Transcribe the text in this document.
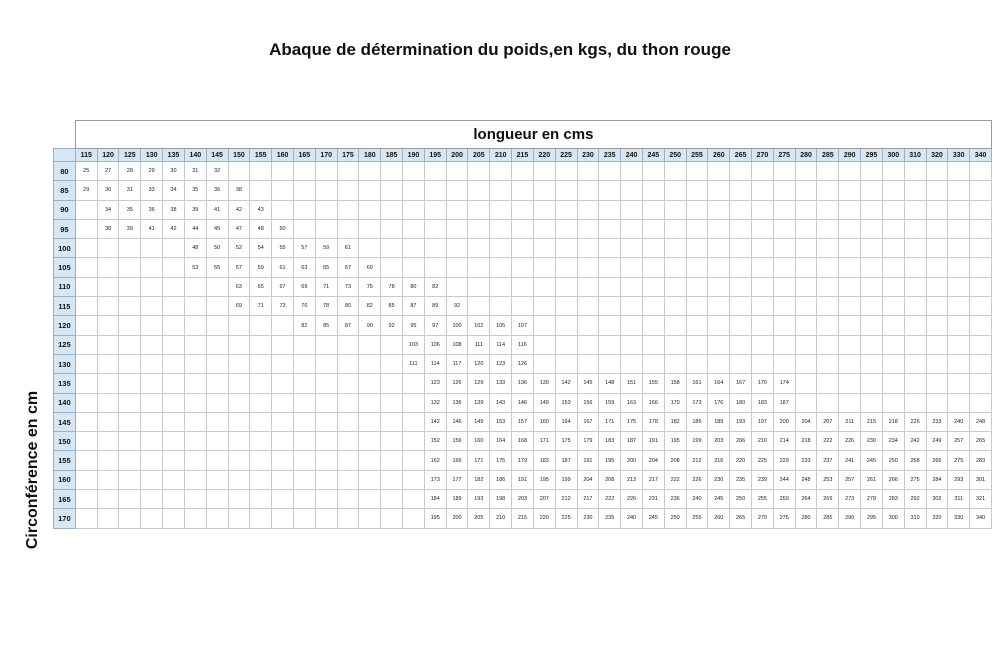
Abaque de détermination du poids,en kgs, du thon rouge
Circonférence en cm
	longueur en cms																																									
	115	120	125	130	135	140	145	150	155	160	165	170	175	180	185	190	195	200	205	210	215	220	225	230	235	240	245	250	255	260	265	270	275	280	285	290	295	300	310	320	330	340
80	25	27	28	29	30	31	32																																			
85	29	30	31	33	34	35	36	38																																		
90		34	35	36	38	39	41	42	43																																	
95		38	39	41	42	44	45	47	48	50																																
100						48	50	52	54	55	57	59	61																													
105						53	55	57	59	61	63	65	67	69																												
110								63	65	67	69	71	73	75	78	80	82																									
115								69	71	73	76	78	80	82	85	87	89	92																								
120											82	85	87	90	92	95	97	100	102	105	107																					
125																103	106	108	111	114	116																					
130																111	114	117	120	123	126																					
135																	123	126	129	133	136	139	142	145	148	151	155	158	161	164	167	170	174									
140																	132	136	139	143	146	149	153	156	159	163	166	170	173	176	180	183	187									
145																	142	146	149	153	157	160	164	167	171	175	178	182	186	189	193	197	200	204	207	211	215	218	226	233	240	248
150																	152	156	160	164	168	171	175	179	183	187	191	195	199	203	206	210	214	218	222	226	230	234	242	249	257	265
155																	162	166	171	175	179	183	187	191	195	200	204	208	212	216	220	225	229	233	237	241	245	250	258	266	275	283
160																	173	177	182	186	191	195	199	204	208	213	217	222	226	230	235	239	244	248	253	257	261	266	275	284	293	301
165																	184	189	193	198	203	207	212	217	222	226	231	236	240	245	250	255	259	264	269	273	278	283	292	302	311	321
170																	195	200	205	210	215	220	225	230	235	240	245	250	255	260	265	270	275	280	285	290	295	300	310	320	330	340
